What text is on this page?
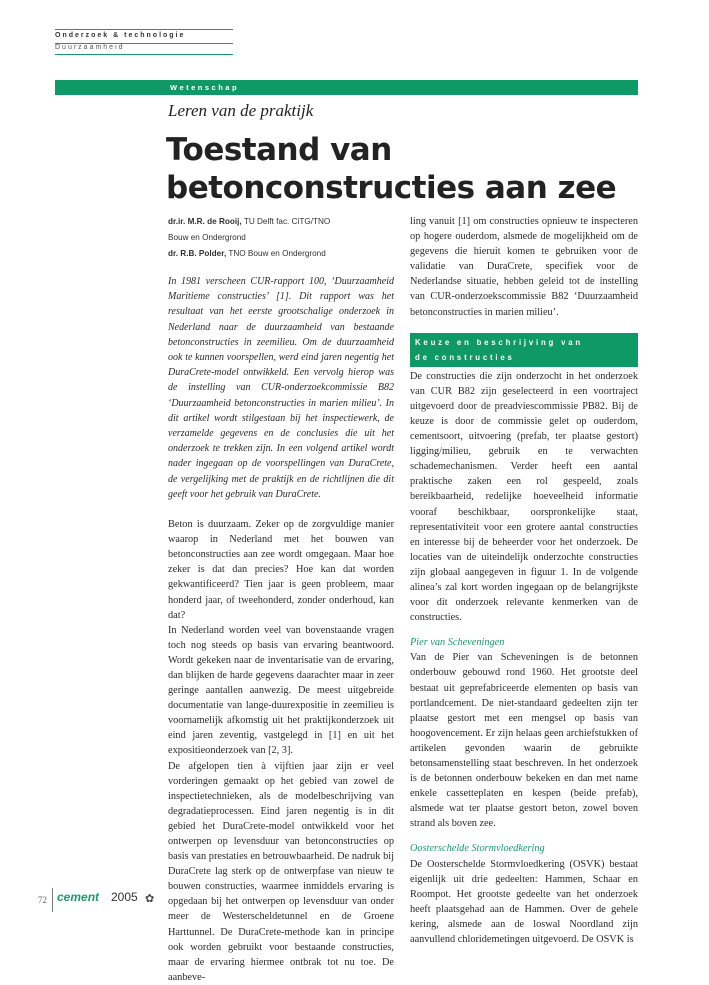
Onderzoek & technologie
Duurzaamheid
Wetenschap
Leren van de praktijk
Toestand van
betonconstructies aan zee

dr.ir. M.R. de Rooij, TU Delft fac. CiTG/TNO

Bouw en Ondergrond

dr. R.B. Polder, TNO Bouw en Ondergrond

In 1981 verscheen CUR-rapport 100, ‘Duurzaamheid Maritieme constructies’ [1]. Dit rapport was het resultaat van het eerste grootschalige onderzoek in Nederland naar de duurzaamheid van bestaande betonconstructies in zeemilieu. Om de duurzaamheid ook te kunnen voorspellen, werd eind jaren negentig het DuraCrete-model ontwikkeld. Een vervolg hierop was de instelling van CUR-onderzoekcommissie B82 ‘Duurzaamheid betonconstructies in marien milieu’. In dit artikel wordt stilgestaan bij het inspectiewerk, de verzamelde gegevens en de conclusies die uit het onderzoek te trekken zijn. In een volgend artikel wordt nader ingegaan op de voorspellingen van DuraCrete, de vergelijking met de praktijk en de richtlijnen die dit geeft voor het gebruik van DuraCrete.

Beton is duurzaam. Zeker op de zorgvuldige manier waarop in Nederland met het bouwen van betonconstructies aan zee wordt omgegaan. Maar hoe zeker is dat dan precies? Hoe kan dat worden gekwantificeerd? Tien jaar is geen probleem, maar honderd jaar, of tweehonderd, zonder onderhoud, kan dat?

In Nederland worden veel van bovenstaande vragen toch nog steeds op basis van ervaring beantwoord. Wordt gekeken naar de inventarisatie van de ervaring, dan blijken de harde gegevens daarachter maar in zeer geringe aantallen aanwezig. De meest uitgebreide documentatie van lange-duurexpositie in zeemilieu is voornamelijk afkomstig uit het praktijkonderzoek uit eind jaren zeventig, vastgelegd in [1] en uit het expositieonderzoek van [2, 3].

De afgelopen tien à vijftien jaar zijn er veel vorderingen gemaakt op het gebied van zowel de inspectietechnieken, als de modelbeschrijving van degradatieprocessen. Eind jaren negentig is in dit gebied het DuraCrete-model ontwikkeld voor het ontwerpen op levensduur van betonconstructies op basis van prestaties en betrouwbaarheid. De nadruk bij DuraCrete lag sterk op de ontwerpfase van nieuw te bouwen constructies, waarmee inmiddels ervaring is opgedaan bij het ontwerpen op levensduur van onder meer de Westerscheldetunnel en de Groene Harttunnel. De DuraCrete-methode kan in principe ook worden gebruikt voor bestaande constructies, maar de ervaring hiermee ontbrak tot nu toe. De aanbeve-

ling vanuit [1] om constructies opnieuw te inspecteren op hogere ouderdom, alsmede de mogelijkheid om de gegevens die hieruit komen te gebruiken voor de validatie van DuraCrete, specifiek voor de Nederlandse situatie, hebben geleid tot de instelling van CUR-onderzoekscommissie B82 ‘Duurzaamheid betonconstructies in marien milieu’.

Keuze en beschrijving van
de constructies

De constructies die zijn onderzocht in het onderzoek van CUR B82 zijn geselecteerd in een voortraject uitgevoerd door de preadviescommissie PB82. Bij de keuze is door de commissie gelet op ouderdom, cementsoort, uitvoering (prefab, ter plaatse gestort) ligging/milieu, gebruik en te verwachten schademechanismen. Verder heeft een aantal praktische zaken een rol gespeeld, zoals bereikbaarheid, redelijke hoeveelheid informatie vooraf beschikbaar, oorspronkelijke staat, representativiteit voor een grotere aantal constructies en interesse bij de beheerder voor het onderzoek. De locaties van de uiteindelijk onderzochte constructies zijn globaal aangegeven in figuur 1. In de volgende alinea’s zal kort worden ingegaan op de belangrijkste voor dit onderzoek relevante kenmerken van de constructies.

Pier van Scheveningen

Van de Pier van Scheveningen is de betonnen onderbouw gebouwd rond 1960. Het grootste deel bestaat uit geprefabriceerde elementen op basis van portlandcement. De niet-standaard gedeelten zijn ter plaatse gestort met een mengsel op basis van hoogovencement. Er zijn helaas geen archiefstukken of artikelen gevonden waarin de gebruikte betonsamenstelling staat beschreven. In het onderzoek is de betonnen onderbouw bekeken en dan met name enkele cassetteplaten en kespen (beide prefab), alsmede wat ter plaatse gestort beton, zowel boven strand als boven zee.

Oosterschelde Stormvloedkering

De Oosterschelde Stormvloedkering (OSVK) bestaat eigenlijk uit drie gedeelten: Hammen, Schaar en Roompot. Het grootste gedeelte van het onderzoek heeft plaatsgehad aan de Hammen. Over de gehele kering, alsmede aan de loswal Noordland zijn aanvullend chloridemetingen uitgevoerd. De OSVK is

72 cement 2005 ✿
